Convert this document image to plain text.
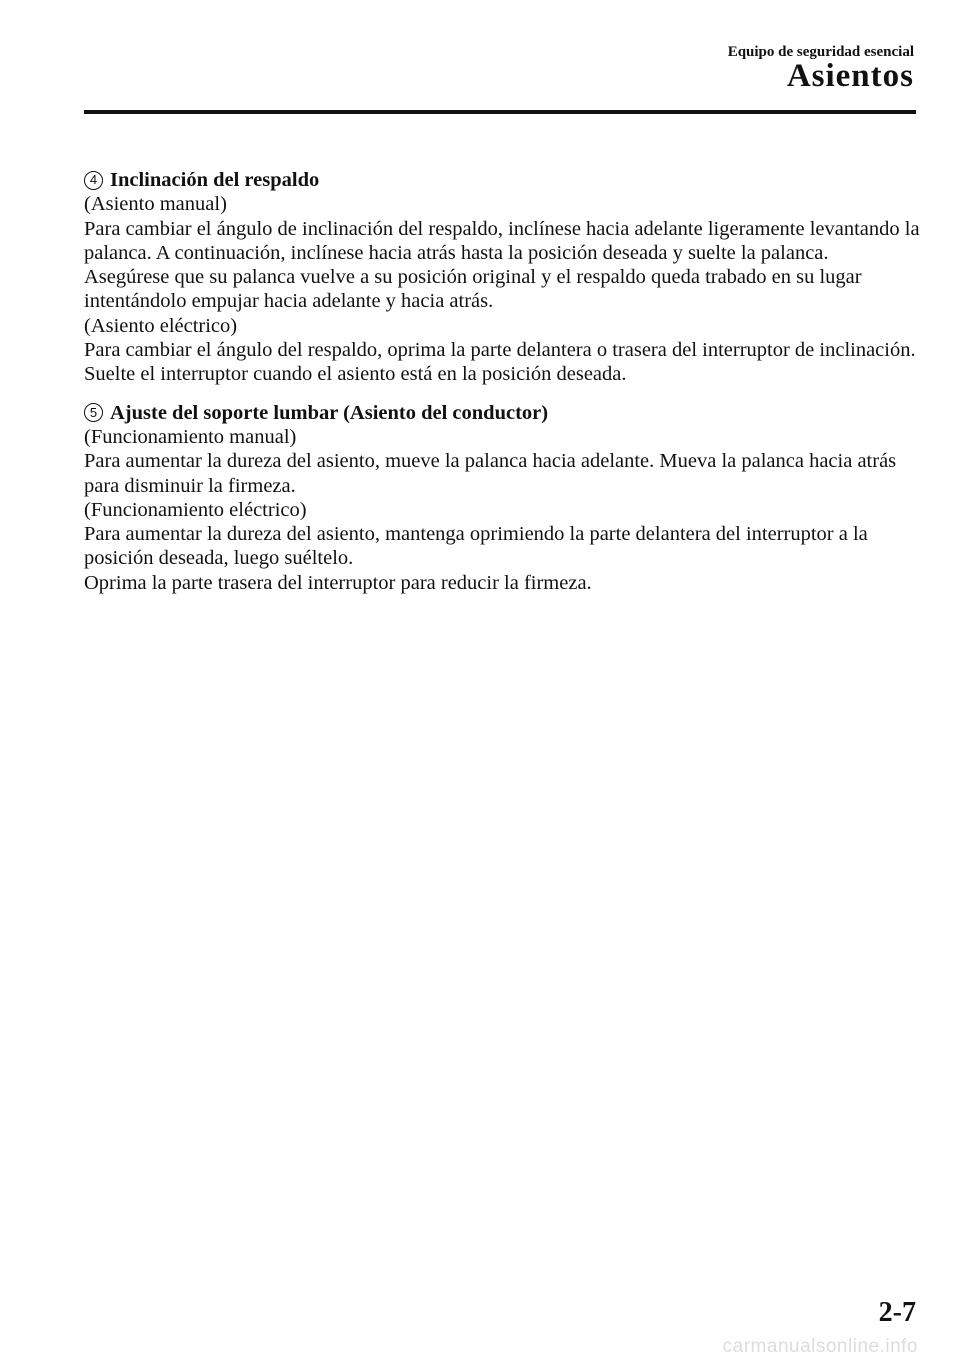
Equipo de seguridad esencial
Asientos
4 Inclinación del respaldo

(Asiento manual)

Para cambiar el ángulo de inclinación del respaldo, inclínese hacia adelante ligeramente levantando la palanca. A continuación, inclínese hacia atrás hasta la posición deseada y suelte la palanca.

Asegúrese que su palanca vuelve a su posición original y el respaldo queda trabado en su lugar intentándolo empujar hacia adelante y hacia atrás.

(Asiento eléctrico)

Para cambiar el ángulo del respaldo, oprima la parte delantera o trasera del interruptor de inclinación. Suelte el interruptor cuando el asiento está en la posición deseada.

5 Ajuste del soporte lumbar (Asiento del conductor)

(Funcionamiento manual)

Para aumentar la dureza del asiento, mueve la palanca hacia adelante. Mueva la palanca hacia atrás para disminuir la firmeza.

(Funcionamiento eléctrico)

Para aumentar la dureza del asiento, mantenga oprimiendo la parte delantera del interruptor a la posición deseada, luego suéltelo.

Oprima la parte trasera del interruptor para reducir la firmeza.

2-7
carmanualsonline.info
